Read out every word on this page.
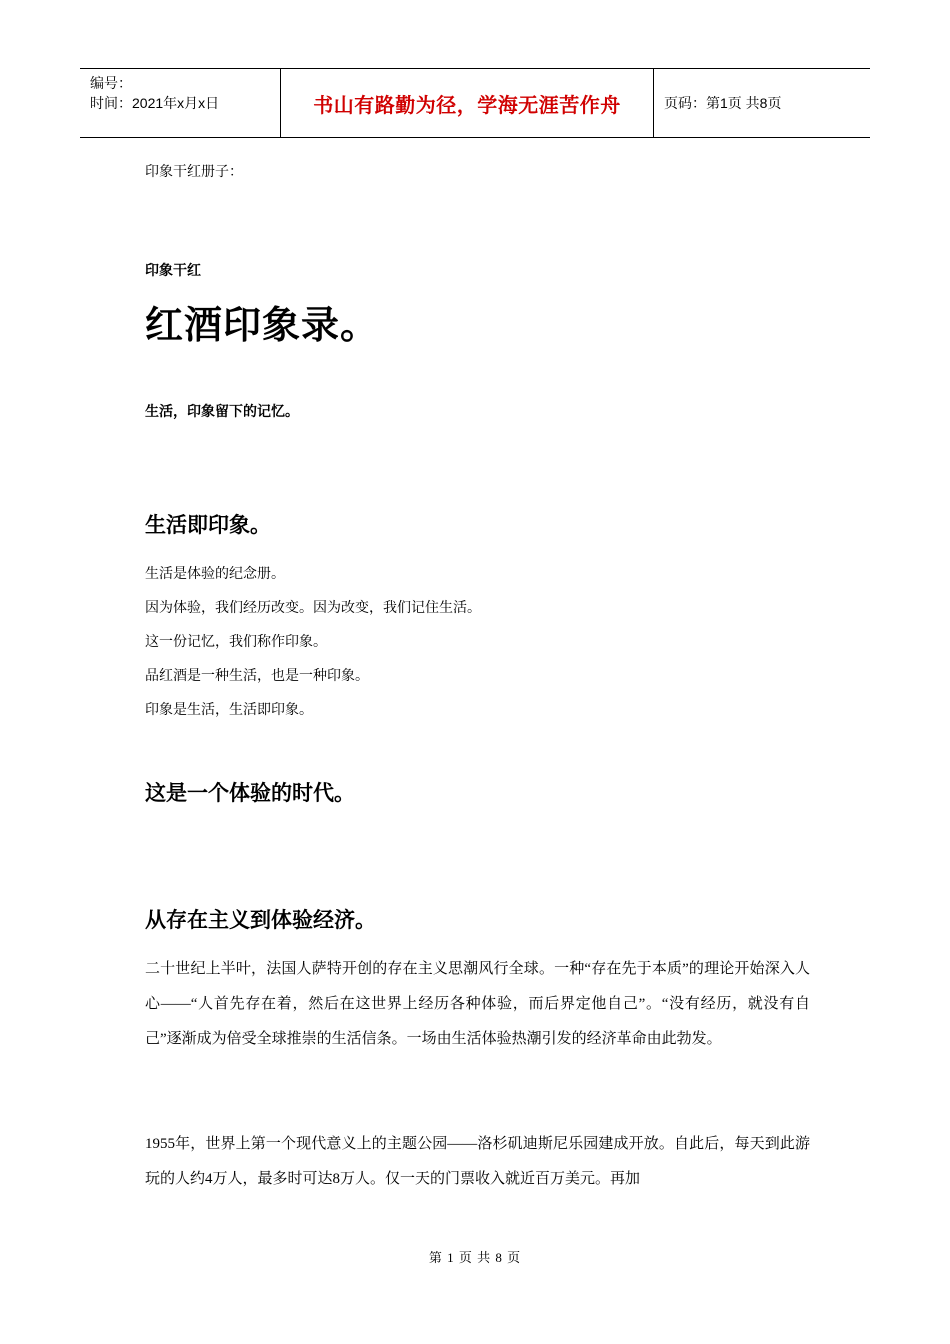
编号：
时间：2021年x月x日	书山有路勤为径，学海无涯苦作舟	页码：第1页 共8页
印象干红册子：
印象干红
红酒印象录。
生活，印象留下的记忆。
生活即印象。
生活是体验的纪念册。
因为体验，我们经历改变。因为改变，我们记住生活。
这一份记忆，我们称作印象。
品红酒是一种生活，也是一种印象。
印象是生活，生活即印象。
这是一个体验的时代。
从存在主义到体验经济。
二十世纪上半叶，法国人萨特开创的存在主义思潮风行全球。一种“存在先于本质”的理论开始深入人心——“人首先存在着，然后在这世界上经历各种体验，而后界定他自己”。“没有经历，就没有自己”逐渐成为倍受全球推崇的生活信条。一场由生活体验热潮引发的经济革命由此勃发。
1955年，世界上第一个现代意义上的主题公园——洛杉矶迪斯尼乐园建成开放。自此后，每天到此游玩的人约4万人，最多时可达8万人。仅一天的门票收入就近百万美元。再加
第 1 页 共 8 页
